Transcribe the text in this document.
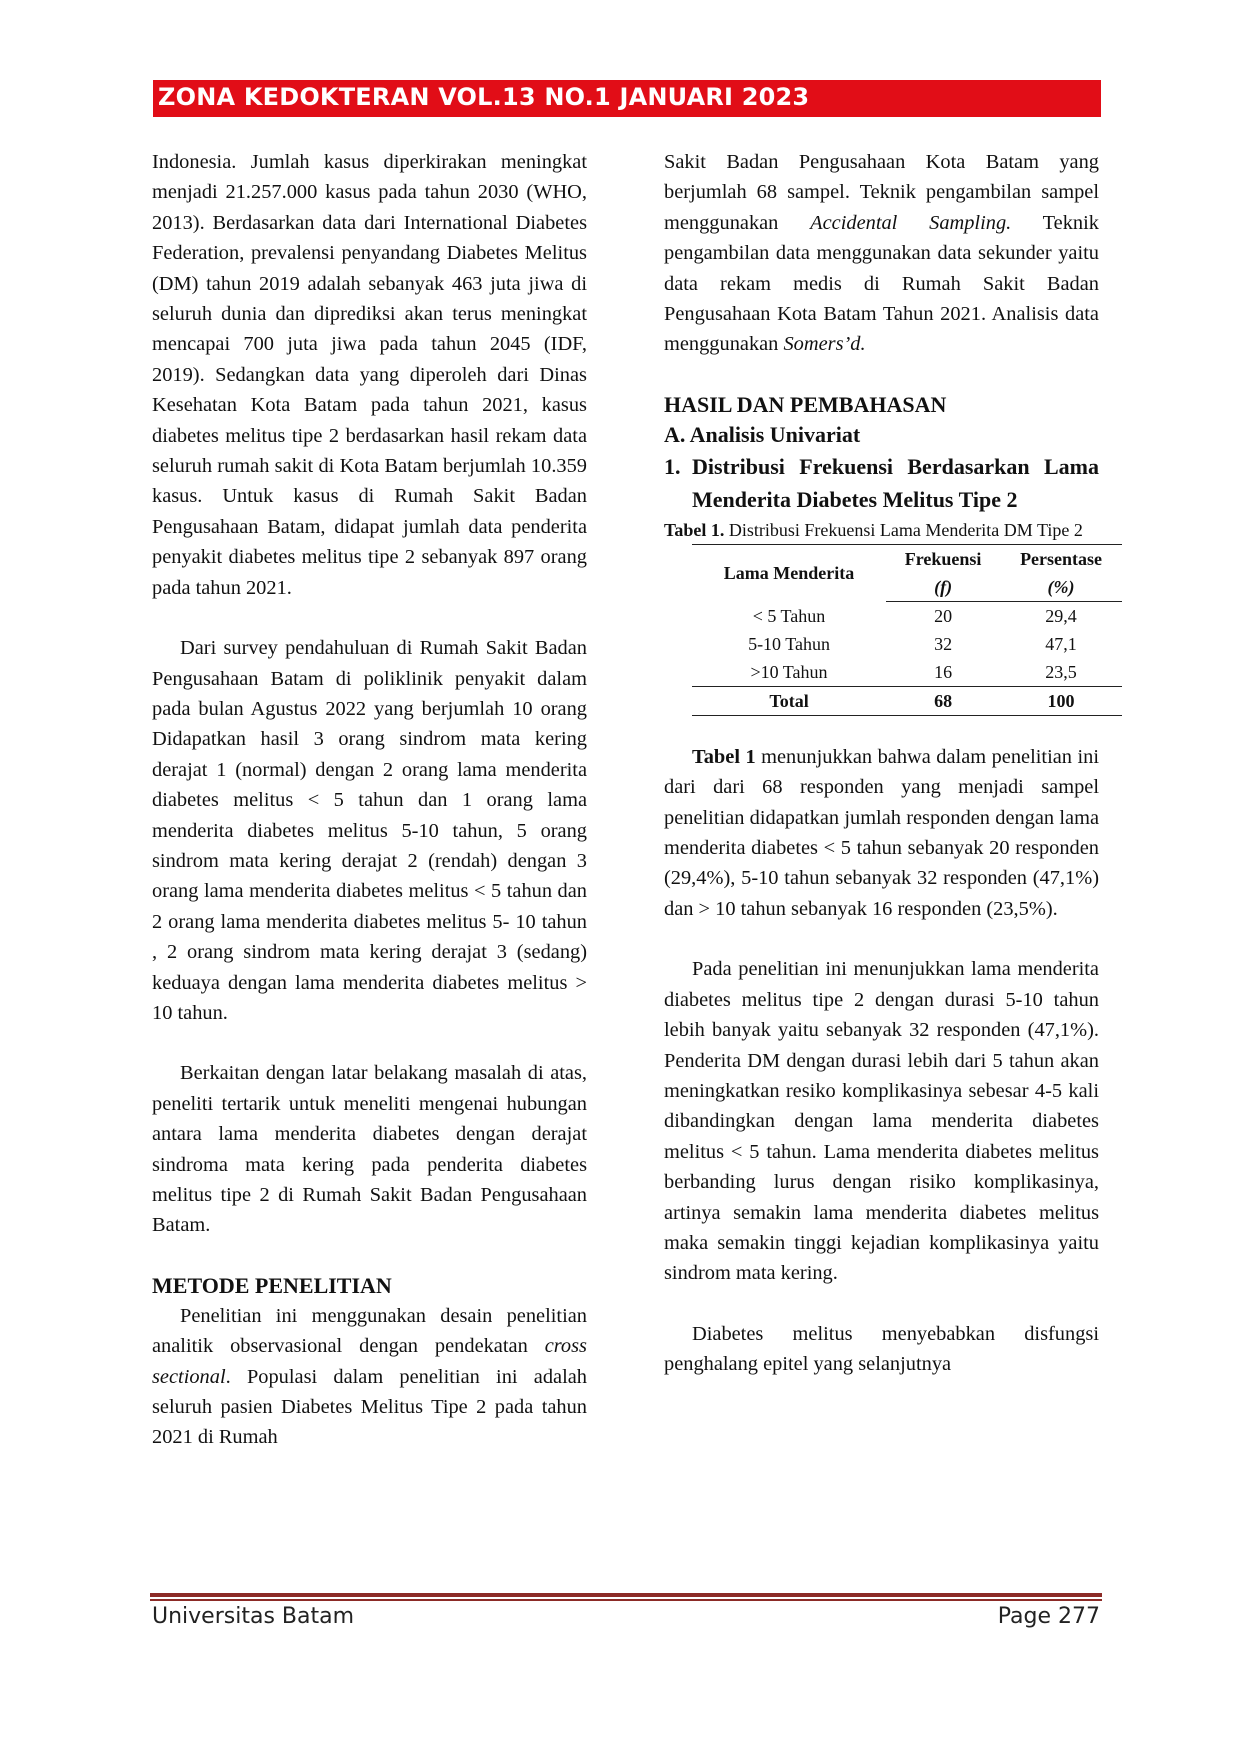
ZONA KEDOKTERAN VOL.13 NO.1 JANUARI 2023

Indonesia. Jumlah kasus diperkirakan meningkat menjadi 21.257.000 kasus pada tahun 2030 (WHO, 2013). Berdasarkan data dari International Diabetes Federation, prevalensi penyandang Diabetes Melitus (DM) tahun 2019 adalah sebanyak 463 juta jiwa di seluruh dunia dan diprediksi akan terus meningkat mencapai 700 juta jiwa pada tahun 2045 (IDF, 2019). Sedangkan data yang diperoleh dari Dinas Kesehatan Kota Batam pada tahun 2021, kasus diabetes melitus tipe 2 berdasarkan hasil rekam data seluruh rumah sakit di Kota Batam berjumlah 10.359 kasus. Untuk kasus di Rumah Sakit Badan Pengusahaan Batam, didapat jumlah data penderita penyakit diabetes melitus tipe 2 sebanyak 897 orang pada tahun 2021.

Dari survey pendahuluan di Rumah Sakit Badan Pengusahaan Batam di poliklinik penyakit dalam pada bulan Agustus 2022 yang berjumlah 10 orang Didapatkan hasil 3 orang sindrom mata kering derajat 1 (normal) dengan 2 orang lama menderita diabetes melitus < 5 tahun dan 1 orang lama menderita diabetes melitus 5-10 tahun, 5 orang sindrom mata kering derajat 2 (rendah) dengan 3 orang lama menderita diabetes melitus < 5 tahun dan 2 orang lama menderita diabetes melitus 5- 10 tahun , 2 orang sindrom mata kering derajat 3 (sedang) keduaya dengan lama menderita diabetes melitus > 10 tahun.

Berkaitan dengan latar belakang masalah di atas, peneliti tertarik untuk meneliti mengenai hubungan antara lama menderita diabetes dengan derajat sindroma mata kering pada penderita diabetes melitus tipe 2 di Rumah Sakit Badan Pengusahaan Batam.

METODE PENELITIAN

Penelitian ini menggunakan desain penelitian analitik observasional dengan pendekatan cross sectional. Populasi dalam penelitian ini adalah seluruh pasien Diabetes Melitus Tipe 2 pada tahun 2021 di Rumah

Sakit Badan Pengusahaan Kota Batam yang berjumlah 68 sampel. Teknik pengambilan sampel menggunakan Accidental Sampling. Teknik pengambilan data menggunakan data sekunder yaitu data rekam medis di Rumah Sakit Badan Pengusahaan Kota Batam Tahun 2021. Analisis data menggunakan Somers’d.

HASIL DAN PEMBAHASAN

A. Analisis Univariat

1. Distribusi Frekuensi Berdasarkan Lama Menderita Diabetes Melitus Tipe 2

Tabel 1. Distribusi Frekuensi Lama Menderita DM Tipe 2

Lama Menderita	Frekuensi	Persentase
	(f)	(%)
< 5 Tahun	20	29,4
5-10 Tahun	32	47,1
>10 Tahun	16	23,5
Total	68	100

Tabel 1 menunjukkan bahwa dalam penelitian ini dari dari 68 responden yang menjadi sampel penelitian didapatkan jumlah responden dengan lama menderita diabetes < 5 tahun sebanyak 20 responden (29,4%), 5-10 tahun sebanyak 32 responden (47,1%) dan > 10 tahun sebanyak 16 responden (23,5%).

Pada penelitian ini menunjukkan lama menderita diabetes melitus tipe 2 dengan durasi 5-10 tahun lebih banyak yaitu sebanyak 32 responden (47,1%). Penderita DM dengan durasi lebih dari 5 tahun akan meningkatkan resiko komplikasinya sebesar 4-5 kali dibandingkan dengan lama menderita diabetes melitus < 5 tahun. Lama menderita diabetes melitus berbanding lurus dengan risiko komplikasinya, artinya semakin lama menderita diabetes melitus maka semakin tinggi kejadian komplikasinya yaitu sindrom mata kering.

Diabetes melitus menyebabkan disfungsi penghalang epitel yang selanjutnya

Universitas Batam	Page 277
